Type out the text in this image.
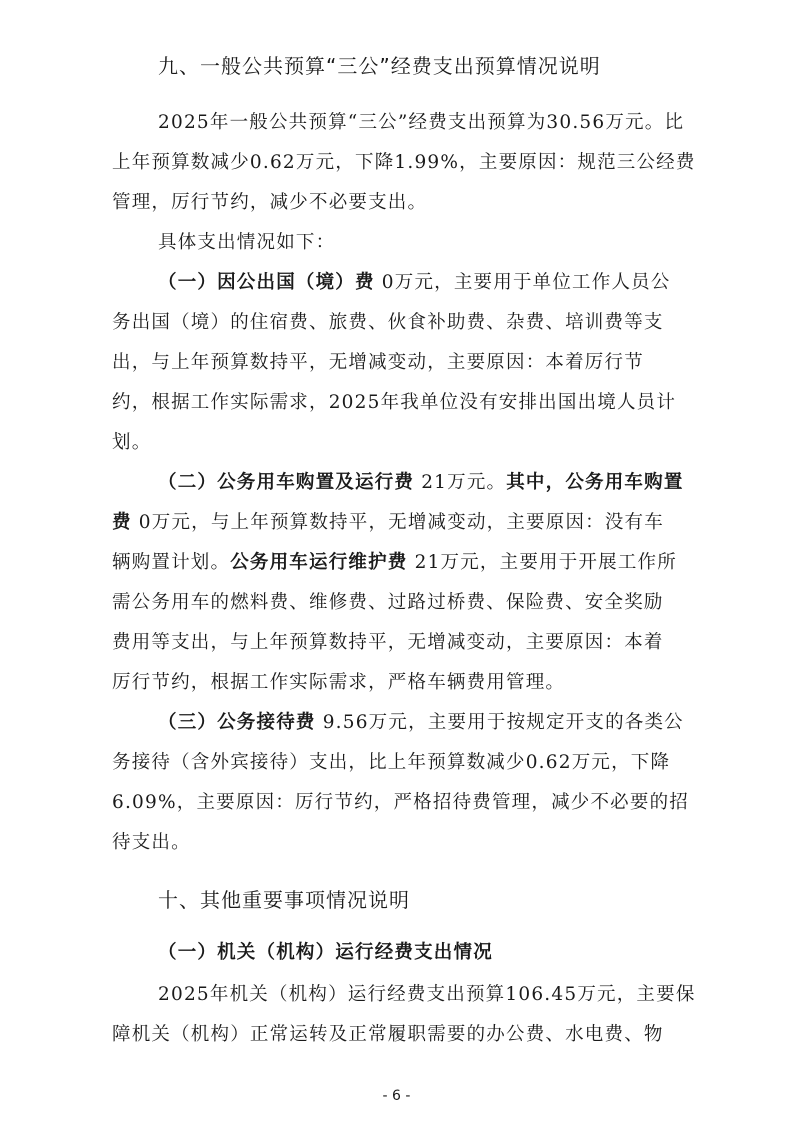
九、一般公共预算“三公”经费支出预算情况说明
2025年一般公共预算“三公”经费支出预算为30.56万元。比
上年预算数减少0.62万元，下降1.99%，主要原因：规范三公经费
管理，厉行节约，减少不必要支出。
具体支出情况如下：
（一）因公出国（境）费 0万元，主要用于单位工作人员公
务出国（境）的住宿费、旅费、伙食补助费、杂费、培训费等支
出，与上年预算数持平，无增减变动，主要原因：本着厉行节
约，根据工作实际需求，2025年我单位没有安排出国出境人员计
划。
（二）公务用车购置及运行费 21万元。其中，公务用车购置
费 0万元，与上年预算数持平，无增减变动，主要原因：没有车
辆购置计划。公务用车运行维护费 21万元，主要用于开展工作所
需公务用车的燃料费、维修费、过路过桥费、保险费、安全奖励
费用等支出，与上年预算数持平，无增减变动，主要原因：本着
厉行节约，根据工作实际需求，严格车辆费用管理。
（三）公务接待费 9.56万元，主要用于按规定开支的各类公
务接待（含外宾接待）支出，比上年预算数减少0.62万元，下降
6.09%，主要原因：厉行节约，严格招待费管理，减少不必要的招
待支出。
十、其他重要事项情况说明
（一）机关（机构）运行经费支出情况
2025年机关（机构）运行经费支出预算106.45万元，主要保
障机关（机构）正常运转及正常履职需要的办公费、水电费、物
- 6 -
